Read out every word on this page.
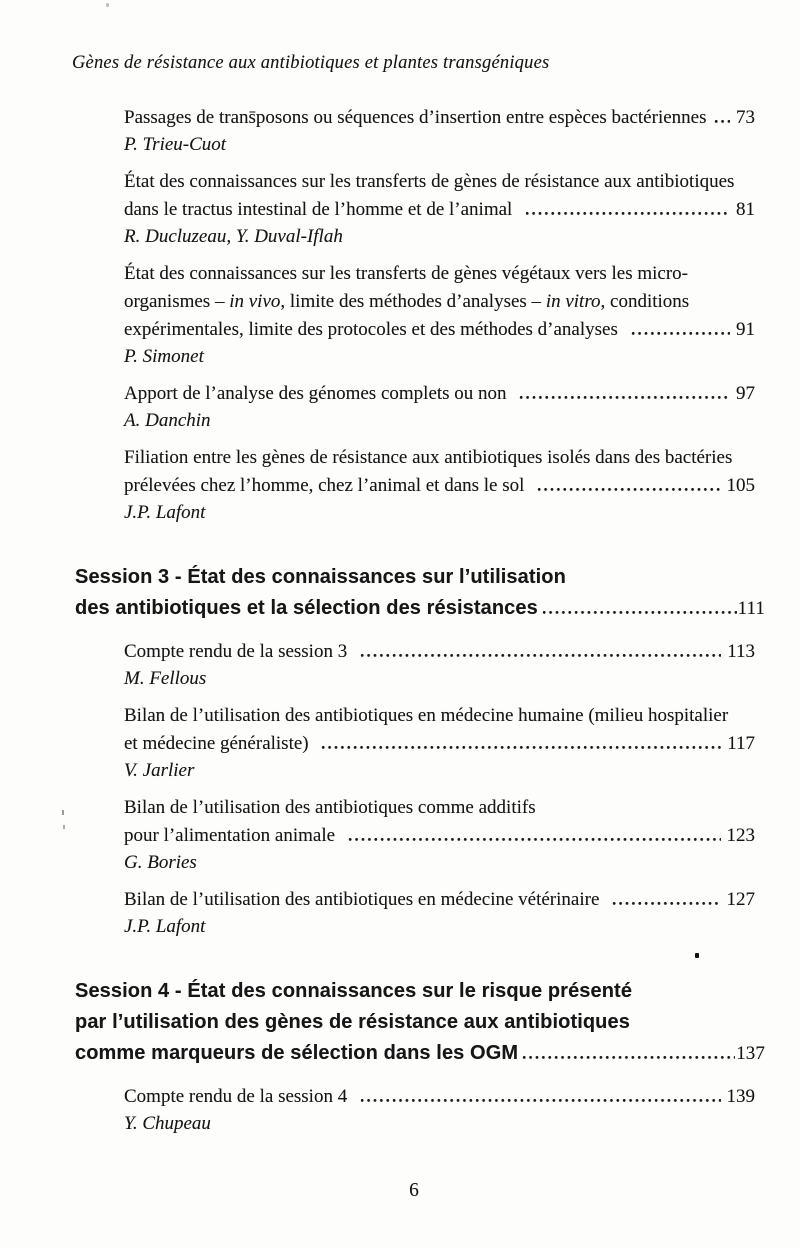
Gènes de résistance aux antibiotiques et plantes transgéniques
Passages de trans̄posons ou séquences d’insertion entre espèces bactériennes 73
P. Trieu-Cuot
État des connaissances sur les transferts de gènes de résistance aux antibiotiques
dans le tractus intestinal de l’homme et de l’animal	81
R. Ducluzeau, Y. Duval-Iflah
État des connaissances sur les transferts de gènes végétaux vers les micro-
organismes – in vivo, limite des méthodes d’analyses – in vitro, conditions
expérimentales, limite des protocoles et des méthodes d’analyses	91
P. Simonet
Apport de l’analyse des génomes complets ou non	97
A. Danchin
Filiation entre les gènes de résistance aux antibiotiques isolés dans des bactéries
prélevées chez l’homme, chez l’animal et dans le sol	105
J.P. Lafont
Session 3 - État des connaissances sur l’utilisation
des antibiotiques et la sélection des résistances	111
Compte rendu de la session 3	113
M. Fellous
Bilan de l’utilisation des antibiotiques en médecine humaine (milieu hospitalier
et médecine généraliste)	117
V. Jarlier
Bilan de l’utilisation des antibiotiques comme additifs
pour l’alimentation animale	123
G. Bories
Bilan de l’utilisation des antibiotiques en médecine vétérinaire	127
J.P. Lafont
Session 4 - État des connaissances sur le risque présenté
par l’utilisation des gènes de résistance aux antibiotiques
comme marqueurs de sélection dans les OGM	137
Compte rendu de la session 4	139
Y. Chupeau
6
